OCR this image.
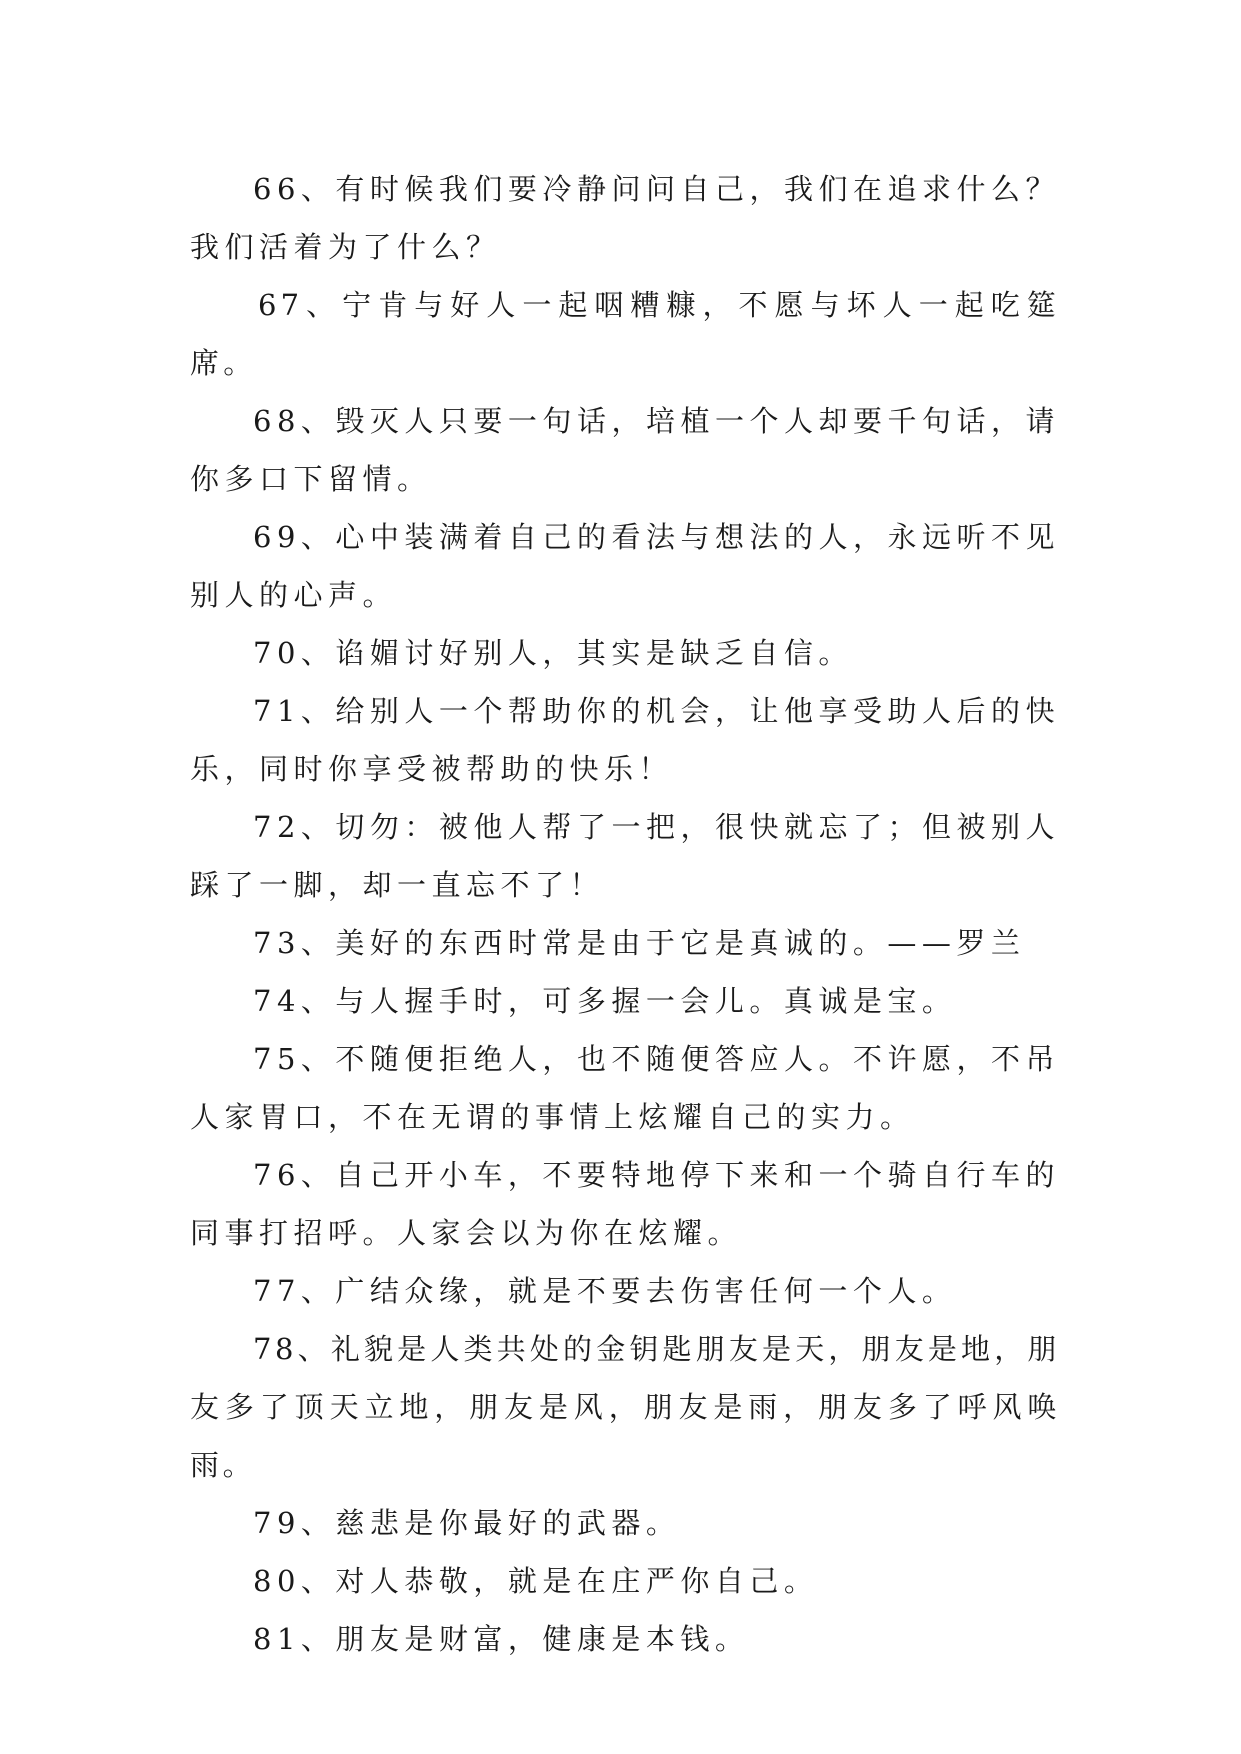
66、有时候我们要冷静问问自己，我们在追求什么？我们活着为了什么？

67、宁肯与好人一起咽糟糠，不愿与坏人一起吃筵席。

68、毁灭人只要一句话，培植一个人却要千句话，请你多口下留情。

69、心中装满着自己的看法与想法的人，永远听不见别人的心声。

70、谄媚讨好别人，其实是缺乏自信。

71、给别人一个帮助你的机会，让他享受助人后的快乐，同时你享受被帮助的快乐！

72、切勿：被他人帮了一把，很快就忘了；但被别人踩了一脚，却一直忘不了！

73、美好的东西时常是由于它是真诚的。——罗兰

74、与人握手时，可多握一会儿。真诚是宝。

75、不随便拒绝人，也不随便答应人。不许愿，不吊人家胃口，不在无谓的事情上炫耀自己的实力。

76、自己开小车，不要特地停下来和一个骑自行车的同事打招呼。人家会以为你在炫耀。

77、广结众缘，就是不要去伤害任何一个人。

78、礼貌是人类共处的金钥匙朋友是天，朋友是地，朋友多了顶天立地，朋友是风，朋友是雨，朋友多了呼风唤雨。

79、慈悲是你最好的武器。

80、对人恭敬，就是在庄严你自己。

81、朋友是财富，健康是本钱。
